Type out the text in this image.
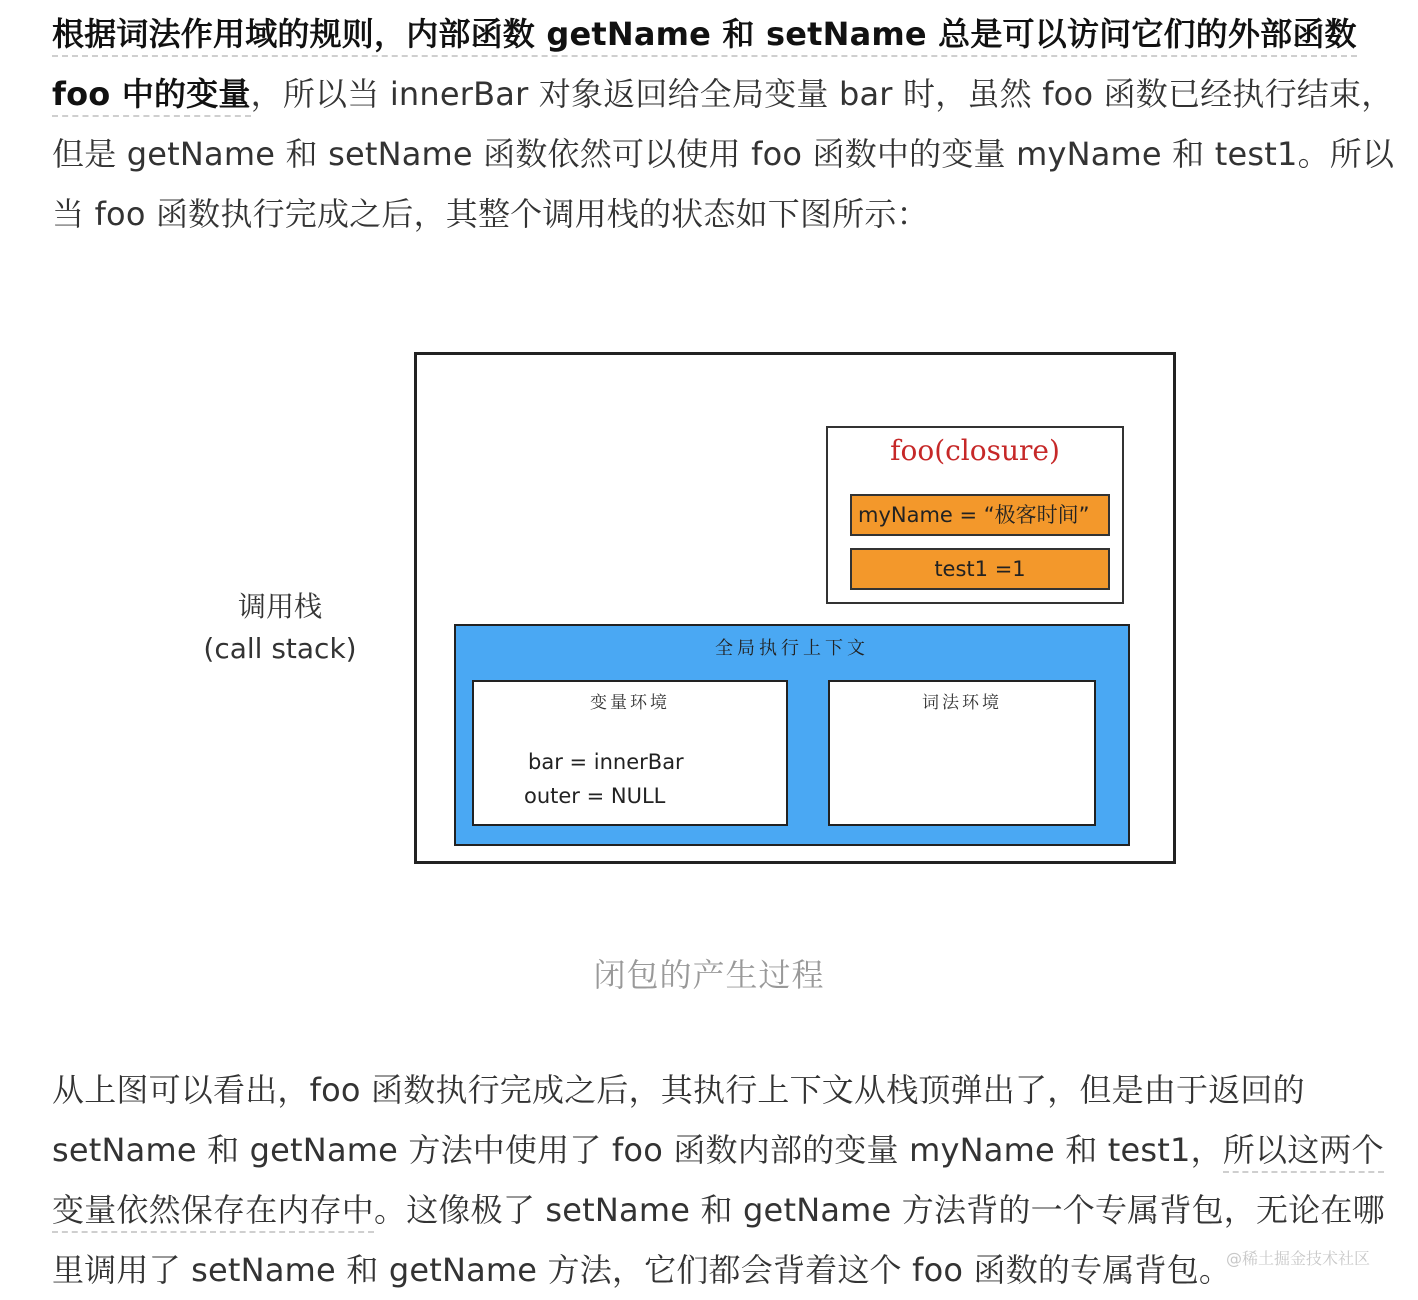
根据词法作用域的规则，内部函数 getName 和 setName 总是可以访问它们的外部函数 foo 中的变量，所以当 innerBar 对象返回给全局变量 bar 时，虽然 foo 函数已经执行结束，但是 getName 和 setName 函数依然可以使用 foo 函数中的变量 myName 和 test1。所以当 foo 函数执行完成之后，其整个调用栈的状态如下图所示：
调用栈
(call stack)
foo(closure)
myName = “极客时间”
test1 =1
全局执行上下文
变量环境
bar = innerBar
outer = NULL
词法环境
闭包的产生过程
从上图可以看出，foo 函数执行完成之后，其执行上下文从栈顶弹出了，但是由于返回的 setName 和 getName 方法中使用了 foo 函数内部的变量 myName 和 test1，所以这两个变量依然保存在内存中。这像极了 setName 和 getName 方法背的一个专属背包，无论在哪里调用了 setName 和 getName 方法，它们都会背着这个 foo 函数的专属背包。
@稀土掘金技术社区
